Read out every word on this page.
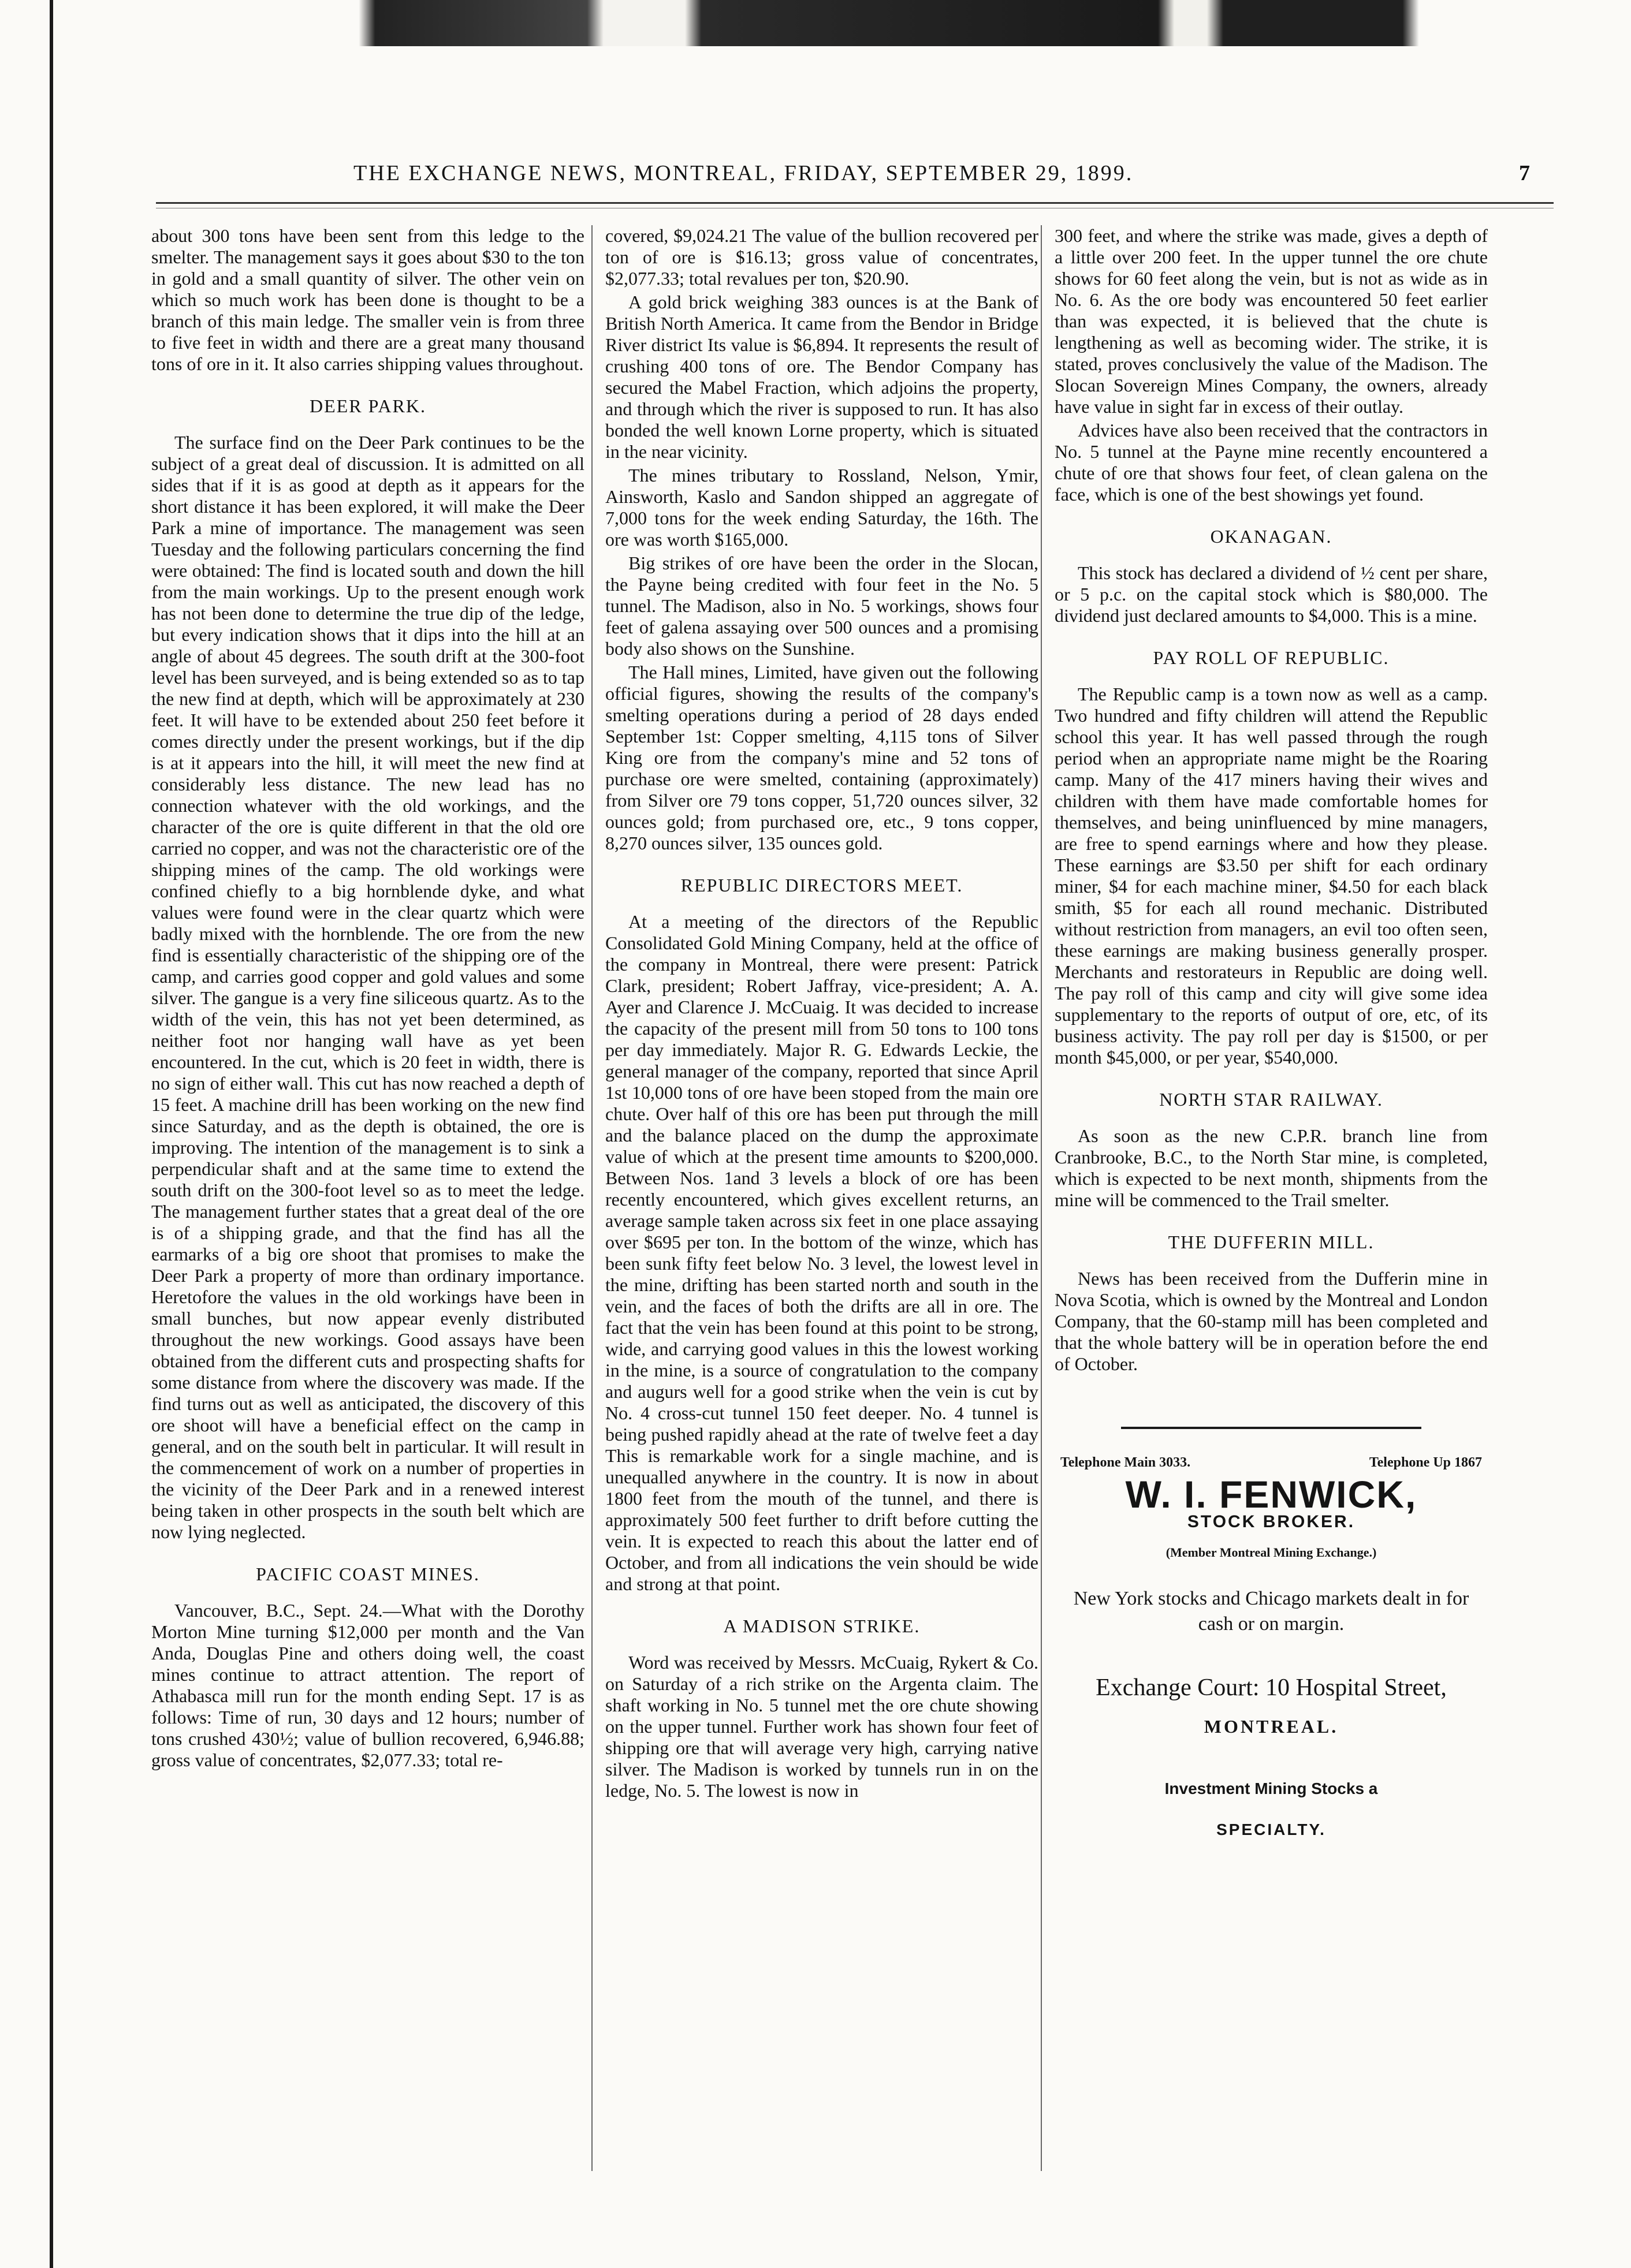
THE EXCHANGE NEWS, MONTREAL, FRIDAY, SEPTEMBER 29, 1899.	7

about 300 tons have been sent from this ledge to the smelter. The management says it goes about $30 to the ton in gold and a small quantity of silver. The other vein on which so much work has been done is thought to be a branch of this main ledge. The smaller vein is from three to five feet in width and there are a great many thousand tons of ore in it. It also carries shipping values throughout.

DEER PARK.

The surface find on the Deer Park continues to be the subject of a great deal of discussion. It is admitted on all sides that if it is as good at depth as it appears for the short distance it has been explored, it will make the Deer Park a mine of importance. The management was seen Tuesday and the following particulars concerning the find were obtained: The find is located south and down the hill from the main workings. Up to the present enough work has not been done to determine the true dip of the ledge, but every indication shows that it dips into the hill at an angle of about 45 degrees. The south drift at the 300-foot level has been surveyed, and is being extended so as to tap the new find at depth, which will be approximately at 230 feet. It will have to be extended about 250 feet before it comes directly under the present workings, but if the dip is at it appears into the hill, it will meet the new find at considerably less distance. The new lead has no connection whatever with the old workings, and the character of the ore is quite different in that the old ore carried no copper, and was not the characteristic ore of the shipping mines of the camp. The old workings were confined chiefly to a big hornblende dyke, and what values were found were in the clear quartz which were badly mixed with the hornblende. The ore from the new find is essentially characteristic of the shipping ore of the camp, and carries good copper and gold values and some silver. The gangue is a very fine siliceous quartz. As to the width of the vein, this has not yet been determined, as neither foot nor hanging wall have as yet been encountered. In the cut, which is 20 feet in width, there is no sign of either wall. This cut has now reached a depth of 15 feet. A machine drill has been working on the new find since Saturday, and as the depth is obtained, the ore is improving. The intention of the management is to sink a perpendicular shaft and at the same time to extend the south drift on the 300-foot level so as to meet the ledge. The management further states that a great deal of the ore is of a shipping grade, and that the find has all the earmarks of a big ore shoot that promises to make the Deer Park a property of more than ordinary importance. Heretofore the values in the old workings have been in small bunches, but now appear evenly distributed throughout the new workings. Good assays have been obtained from the different cuts and prospecting shafts for some distance from where the discovery was made. If the find turns out as well as anticipated, the discovery of this ore shoot will have a beneficial effect on the camp in general, and on the south belt in particular. It will result in the commencement of work on a number of properties in the vicinity of the Deer Park and in a renewed interest being taken in other prospects in the south belt which are now lying neglected.

PACIFIC COAST MINES.

Vancouver, B.C., Sept. 24.—What with the Dorothy Morton Mine turning $12,000 per month and the Van Anda, Douglas Pine and others doing well, the coast mines continue to attract attention. The report of Athabasca mill run for the month ending Sept. 17 is as follows: Time of run, 30 days and 12 hours; number of tons crushed 430½; value of bullion recovered, 6,946.88; gross value of concentrates, $2,077.33; total re-

covered, $9,024.21 The value of the bullion recovered per ton of ore is $16.13; gross value of concentrates, $2,077.33; total revalues per ton, $20.90.

A gold brick weighing 383 ounces is at the Bank of British North America. It came from the Bendor in Bridge River district Its value is $6,894. It represents the result of crushing 400 tons of ore. The Bendor Company has secured the Mabel Fraction, which adjoins the property, and through which the river is supposed to run. It has also bonded the well known Lorne property, which is situated in the near vicinity.

The mines tributary to Rossland, Nelson, Ymir, Ainsworth, Kaslo and Sandon shipped an aggregate of 7,000 tons for the week ending Saturday, the 16th. The ore was worth $165,000.

Big strikes of ore have been the order in the Slocan, the Payne being credited with four feet in the No. 5 tunnel. The Madison, also in No. 5 workings, shows four feet of galena assaying over 500 ounces and a promising body also shows on the Sunshine.

The Hall mines, Limited, have given out the following official figures, showing the results of the company's smelting operations during a period of 28 days ended September 1st: Copper smelting, 4,115 tons of Silver King ore from the company's mine and 52 tons of purchase ore were smelted, containing (approximately) from Silver ore 79 tons copper, 51,720 ounces silver, 32 ounces gold; from purchased ore, etc., 9 tons copper, 8,270 ounces silver, 135 ounces gold.

REPUBLIC DIRECTORS MEET.

At a meeting of the directors of the Republic Consolidated Gold Mining Company, held at the office of the company in Montreal, there were present: Patrick Clark, president; Robert Jaffray, vice-president; A. A. Ayer and Clarence J. McCuaig. It was decided to increase the capacity of the present mill from 50 tons to 100 tons per day immediately. Major R. G. Edwards Leckie, the general manager of the company, reported that since April 1st 10,000 tons of ore have been stoped from the main ore chute. Over half of this ore has been put through the mill and the balance placed on the dump the approximate value of which at the present time amounts to $200,000. Between Nos. 1and 3 levels a block of ore has been recently encountered, which gives excellent returns, an average sample taken across six feet in one place assaying over $695 per ton. In the bottom of the winze, which has been sunk fifty feet below No. 3 level, the lowest level in the mine, drifting has been started north and south in the vein, and the faces of both the drifts are all in ore. The fact that the vein has been found at this point to be strong, wide, and carrying good values in this the lowest working in the mine, is a source of congratulation to the company and augurs well for a good strike when the vein is cut by No. 4 cross-cut tunnel 150 feet deeper. No. 4 tunnel is being pushed rapidly ahead at the rate of twelve feet a day This is remarkable work for a single machine, and is unequalled anywhere in the country. It is now in about 1800 feet from the mouth of the tunnel, and there is approximately 500 feet further to drift before cutting the vein. It is expected to reach this about the latter end of October, and from all indications the vein should be wide and strong at that point.

A MADISON STRIKE.

Word was received by Messrs. McCuaig, Rykert & Co. on Saturday of a rich strike on the Argenta claim. The shaft working in No. 5 tunnel met the ore chute showing on the upper tunnel. Further work has shown four feet of shipping ore that will average very high, carrying native silver. The Madison is worked by tunnels run in on the ledge, No. 5. The lowest is now in

300 feet, and where the strike was made, gives a depth of a little over 200 feet. In the upper tunnel the ore chute shows for 60 feet along the vein, but is not as wide as in No. 6. As the ore body was encountered 50 feet earlier than was expected, it is believed that the chute is lengthening as well as becoming wider. The strike, it is stated, proves conclusively the value of the Madison. The Slocan Sovereign Mines Company, the owners, already have value in sight far in excess of their outlay.

Advices have also been received that the contractors in No. 5 tunnel at the Payne mine recently encountered a chute of ore that shows four feet, of clean galena on the face, which is one of the best showings yet found.

OKANAGAN.

This stock has declared a dividend of ½ cent per share, or 5 p.c. on the capital stock which is $80,000. The dividend just declared amounts to $4,000. This is a mine.

PAY ROLL OF REPUBLIC.

The Republic camp is a town now as well as a camp. Two hundred and fifty children will attend the Republic school this year. It has well passed through the rough period when an appropriate name might be the Roaring camp. Many of the 417 miners having their wives and children with them have made comfortable homes for themselves, and being uninfluenced by mine managers, are free to spend earnings where and how they please. These earnings are $3.50 per shift for each ordinary miner, $4 for each machine miner, $4.50 for each black smith, $5 for each all round mechanic. Distributed without restriction from managers, an evil too often seen, these earnings are making business generally prosper. Merchants and restorateurs in Republic are doing well. The pay roll of this camp and city will give some idea supplementary to the reports of output of ore, etc, of its business activity. The pay roll per day is $1500, or per month $45,000, or per year, $540,000.

NORTH STAR RAILWAY.

As soon as the new C.P.R. branch line from Cranbrooke, B.C., to the North Star mine, is completed, which is expected to be next month, shipments from the mine will be commenced to the Trail smelter.

THE DUFFERIN MILL.

News has been received from the Dufferin mine in Nova Scotia, which is owned by the Montreal and London Company, that the 60-stamp mill has been completed and that the whole battery will be in operation before the end of October.

Telephone Main 3033.	Telephone Up 1867
W. I. FENWICK,
STOCK BROKER.
(Member Montreal Mining Exchange.)
New York stocks and Chicago markets dealt in for cash or on margin.
Exchange Court: 10 Hospital Street,
MONTREAL.
Investment Mining Stocks a
SPECIALTY.
